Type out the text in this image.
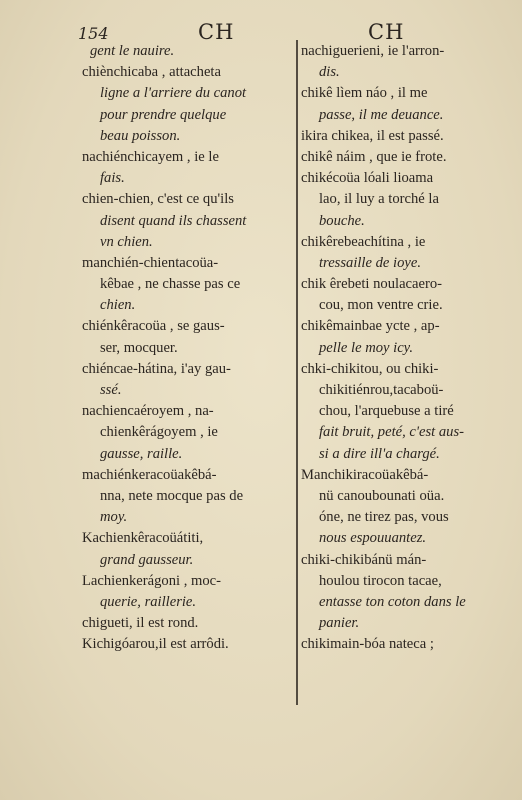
154	CH	CH
gent le nauire.
chiènchicaba , attacheta
ligne a l'arriere du canot
pour prendre quelque
beau poisson.
nachiénchicayem , ie le
fais.
chien-chien, c'est ce qu'ils
disent quand ils chassent
vn chien.
manchién-chientacoüa-
kêbae , ne chasse pas ce
chien.
chiénkêracoüa , se gaus-
ser, mocquer.
chiéncae-hátina, i'ay gau-
ssé.
nachiencaéroyem , na-
chienkêrágoyem , ie
gausse, raille.
machiénkeracoüakêbá-
nna, nete mocque pas de
moy.
Kachienkêracoüátiti,
grand gausseur.
Lachienkerágoni , moc-
querie, raillerie.
chigueti, il est rond.
Kichigóarou,il est arrôdi.
nachiguerieni, ie l'arron-
dis.
chikê lìem náo , il me
passe, il me deuance.
ikira chikea, il est passé.
chikê náim , que ie frote.
chikécoüa lóali lioama
lao, il luy a torché la
bouche.
chikêrebeachítina , ie
tressaille de ioye.
chik êrebeti noulacaero-
cou, mon ventre crie.
chikêmainbae ycte , ap-
pelle le moy icy.
chki-chikitou, ou chiki-
chikitiénrou,tacaboü-
chou, l'arquebuse a tiré
fait bruit, peté, c'est aus-
si a dire ill'a chargé.
Manchikiracoüakêbá-
nü canoubounati oüa.
óne, ne tirez pas, vous
nous espouuantez.
chiki-chikibánü mán-
houlou tirocon tacae,
entasse ton coton dans le
panier.
chikimain-bóa nateca ;
